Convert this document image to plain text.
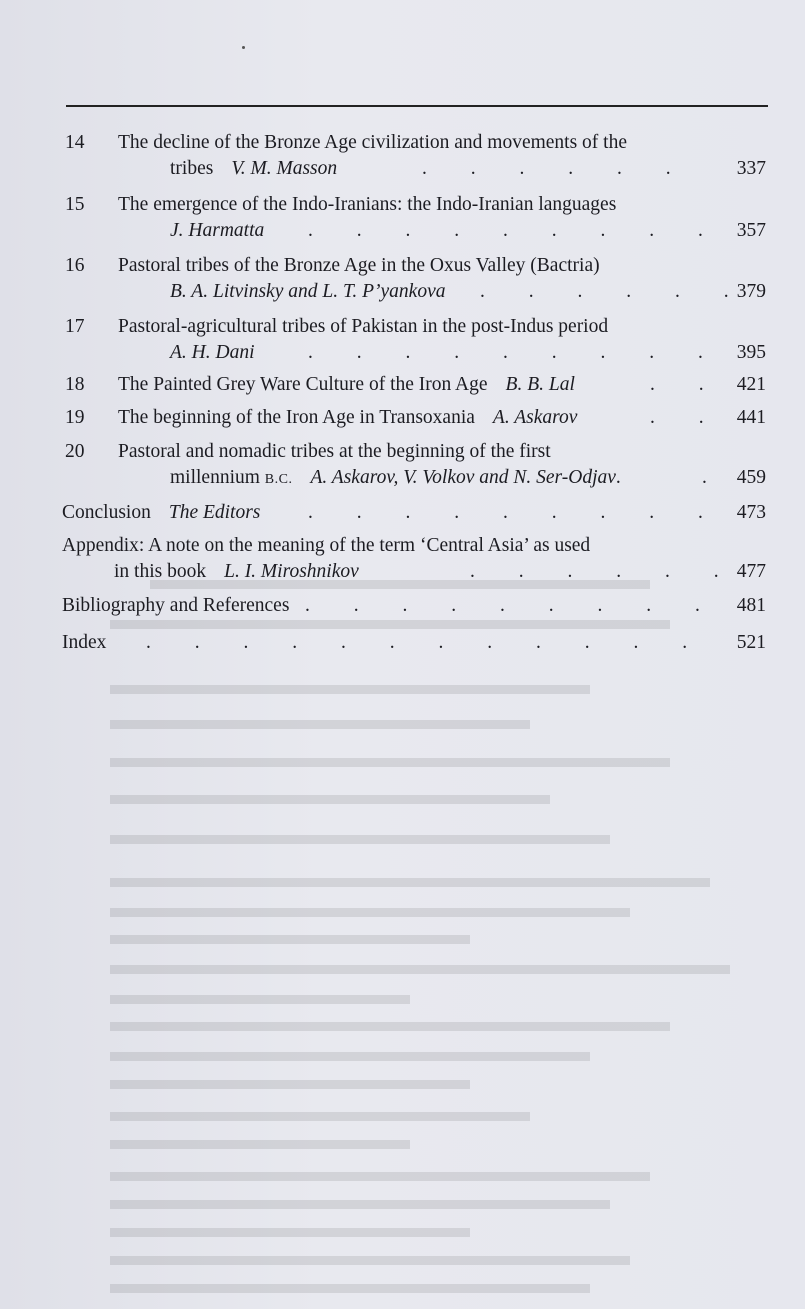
14 The decline of the Bronze Age civilization and movements of the
tribes V. M. Masson	.         .         .         .         .         .	337
15 The emergence of the Indo-Iranians: the Indo-Iranian languages
J. Harmatta .         .         .         .         .         .         .         .         . 357
16 Pastoral tribes of the Bronze Age in the Oxus Valley (Bactria)
B. A. Litvinsky and L. T. P’yankova .         .         .         .         .         . 379
17 Pastoral-agricultural tribes of Pakistan in the post-Indus period
A. H. Dani	.         .         .         .         .         .         .         .         . 395
18 The Painted Grey Ware Culture of the Iron Age B. B. Lal	.         . 421
19 The beginning of the Iron Age in Transoxania A. Askarov	.         . 441
20 Pastoral and nomadic tribes at the beginning of the first
millennium B.C. A. Askarov, V. Volkov and N. Ser-Odjav.	. 459
Conclusion The Editors .         .         .         .         .         .         .         .         . 473
Appendix: A note on the meaning of the term ‘Central Asia’ as used
in this book L. I. Miroshnikov	.         .         .         .         .         . 477
Bibliography and References .         .         .         .         .         .         .         .         . 481
Index .         .         .         .         .         .         .         .         .         .         .         .	521
